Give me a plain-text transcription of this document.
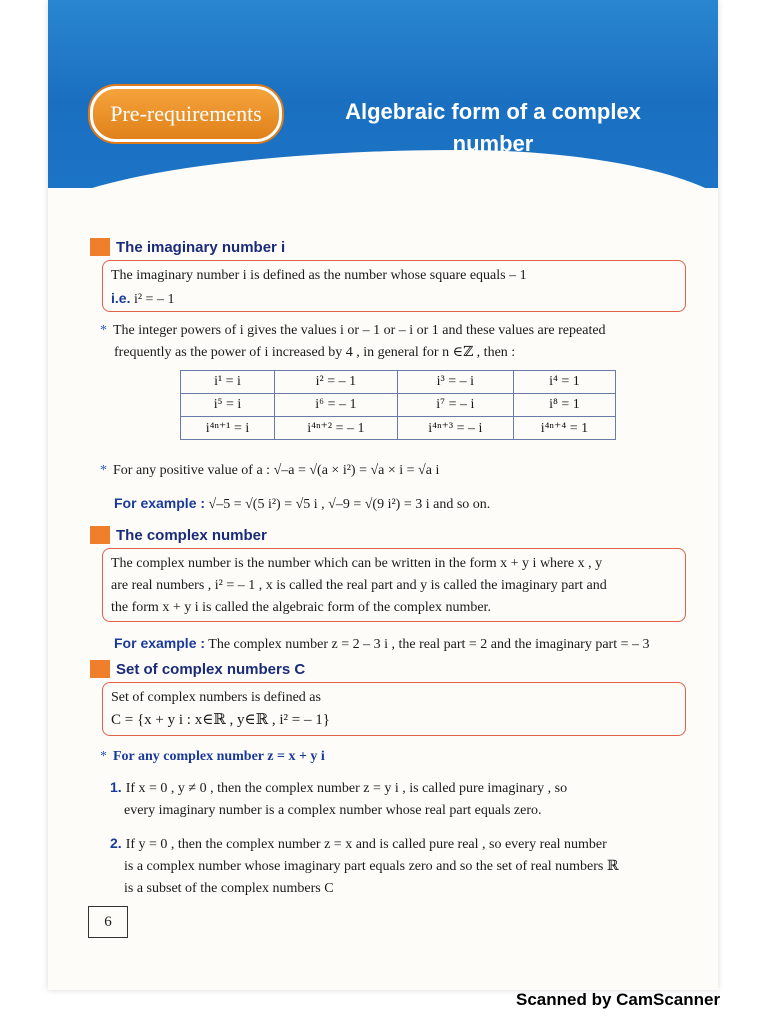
Pre-requirements	Algebraic form of a complex
number
The imaginary number i
The imaginary number i is defined as the number whose square equals – 1
i.e. i² = – 1
* The integer powers of i gives the values i or – 1 or – i or 1 and these values are repeated
frequently as the power of i increased by 4 , in general for n ∈ℤ , then :
i¹ = i	i² = – 1	i³ = – i	i⁴ = 1
i⁵ = i	i⁶ = – 1	i⁷ = – i	i⁸ = 1
i⁴ⁿ⁺¹ = i	i⁴ⁿ⁺² = – 1	i⁴ⁿ⁺³ = – i	i⁴ⁿ⁺⁴ = 1
* For any positive value of a : √–a = √(a × i²) = √a × i = √a i
For example : √–5 = √(5 i²) = √5 i , √–9 = √(9 i²) = 3 i and so on.
The complex number
The complex number is the number which can be written in the form x + y i where x , y
are real numbers , i² = – 1 , x is called the real part and y is called the imaginary part and
the form x + y i is called the algebraic form of the complex number.
For example : The complex number z = 2 – 3 i , the real part = 2 and the imaginary part = – 3
Set of complex numbers C
Set of complex numbers is defined as
C = {x + y i : x∈ℝ , y∈ℝ , i² = – 1}
* For any complex number z = x + y i
1. If x = 0 , y ≠ 0 , then the complex number z = y i , is called pure imaginary , so
every imaginary number is a complex number whose real part equals zero.
2. If y = 0 , then the complex number z = x and is called pure real , so every real number
is a complex number whose imaginary part equals zero and so the set of real numbers ℝ
is a subset of the complex numbers C
6
Scanned by CamScanner
